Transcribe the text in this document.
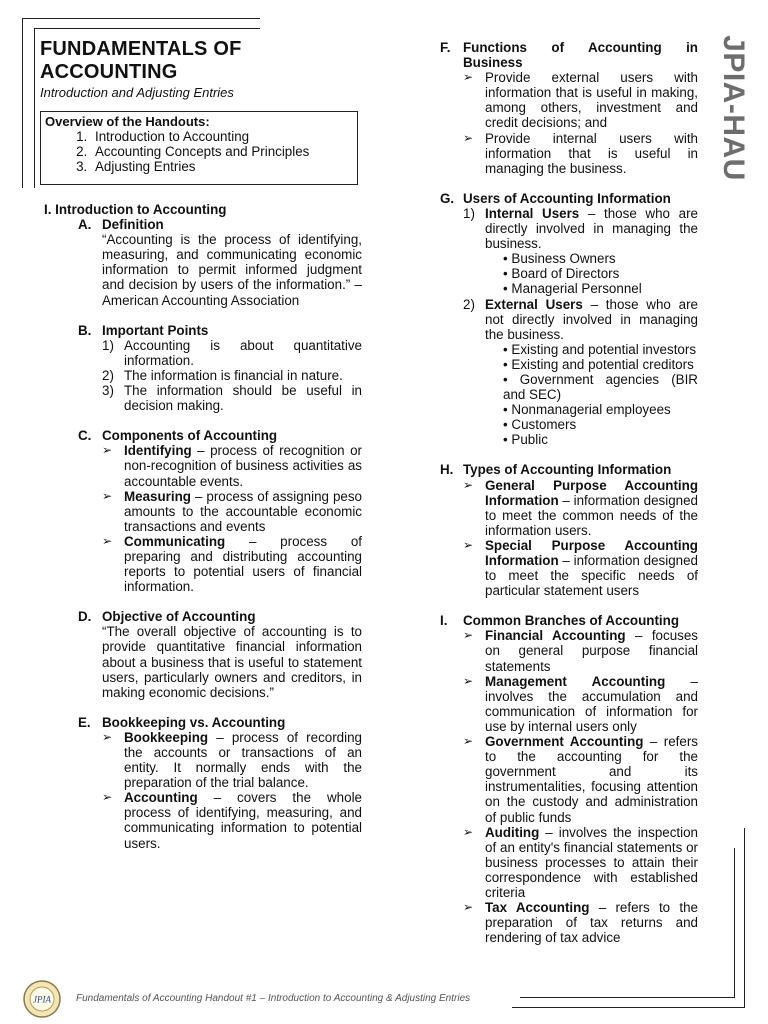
FUNDAMENTALS OF ACCOUNTING
Introduction and Adjusting Entries	JPIA-HAU
Overview of the Handouts:
1. Introduction to Accounting
2. Accounting Concepts and Principles
3. Adjusting Entries
I. Introduction to Accounting
A. Definition
“Accounting is the process of identifying, measuring, and communicating economic information to permit informed judgment and decision by users of the information.” – American Accounting Association
B. Important Points
1) Accounting is about quantitative information.
2) The information is financial in nature.
3) The information should be useful in decision making.
C. Components of Accounting
➢ Identifying – process of recognition or non-recognition of business activities as accountable events.
➢ Measuring – process of assigning peso amounts to the accountable economic transactions and events
➢ Communicating – process of preparing and distributing accounting reports to potential users of financial information.
D. Objective of Accounting
“The overall objective of accounting is to provide quantitative financial information about a business that is useful to statement users, particularly owners and creditors, in making economic decisions.”
E. Bookkeeping vs. Accounting
➢ Bookkeeping – process of recording the accounts or transactions of an entity. It normally ends with the preparation of the trial balance.
➢ Accounting – covers the whole process of identifying, measuring, and communicating information to potential users.
F. Functions of Accounting in Business
➢ Provide external users with information that is useful in making, among others, investment and credit decisions; and
➢ Provide internal users with information that is useful in managing the business.
G. Users of Accounting Information
1) Internal Users – those who are directly involved in managing the business.
• Business Owners
• Board of Directors
• Managerial Personnel
2) External Users – those who are not directly involved in managing the business.
• Existing and potential investors
• Existing and potential creditors
• Government agencies (BIR and SEC)
• Nonmanagerial employees
• Customers
• Public
H. Types of Accounting Information
➢ General Purpose Accounting Information – information designed to meet the common needs of the information users.
➢ Special Purpose Accounting Information – information designed to meet the specific needs of particular statement users
I.	Common Branches of Accounting
➢ Financial Accounting – focuses on general purpose financial statements
➢ Management Accounting – involves the accumulation and communication of information for use by internal users only
➢ Government Accounting – refers to the accounting for the government and its instrumentalities, focusing attention on the custody and administration of public funds
➢ Auditing – involves the inspection of an entity's financial statements or business processes to attain their correspondence with established criteria
➢ Tax Accounting – refers to the preparation of tax returns and rendering of tax advice
JPIA	Fundamentals of Accounting Handout #1 – Introduction to Accounting & Adjusting Entries
